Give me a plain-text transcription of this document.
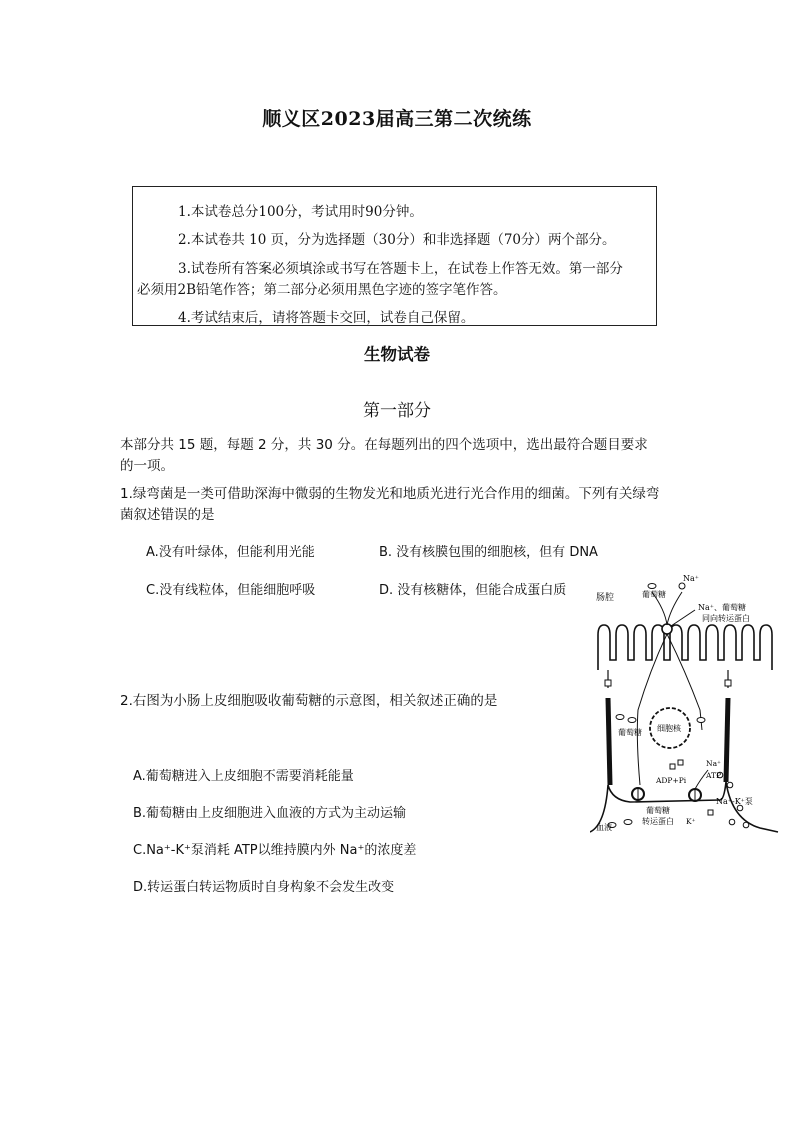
顺义区2023届高三第二次统练

1.本试卷总分100分，考试用时90分钟。

2.本试卷共 10 页，分为选择题（30分）和非选择题（70分）两个部分。

3.试卷所有答案必须填涂或书写在答题卡上，在试卷上作答无效。第一部分

必须用2B铅笔作答；第二部分必须用黑色字迹的签字笔作答。

4.考试结束后，请将答题卡交回，试卷自己保留。

生物试卷
第一部分
本部分共 15 题，每题 2 分，共 30 分。在每题列出的四个选项中，选出最符合题目要求
的一项。
1.绿弯菌是一类可借助深海中微弱的生物发光和地质光进行光合作用的细菌。下列有关绿弯
菌叙述错误的是
A.没有叶绿体，但能利用光能	B. 没有核膜包围的细胞核，但有 DNA
C.没有线粒体，但能细胞呼吸	D. 没有核糖体，但能合成蛋白质
2.右图为小肠上皮细胞吸收葡萄糖的示意图，相关叙述正确的是
A.葡萄糖进入上皮细胞不需要消耗能量
B.葡萄糖由上皮细胞进入血液的方式为主动运输
C.Na⁺-K⁺泵消耗 ATP以维持膜内外 Na⁺的浓度差
D.转运蛋白转运物质时自身构象不会发生改变
肠腔	葡萄糖
Na⁺
Na⁺、葡萄糖
同向转运蛋白
葡萄糖 细胞核
Na⁺
ADP+Pi
ATP
Na⁺-K⁺泵
葡萄糖
转运蛋白 K⁺
血液
